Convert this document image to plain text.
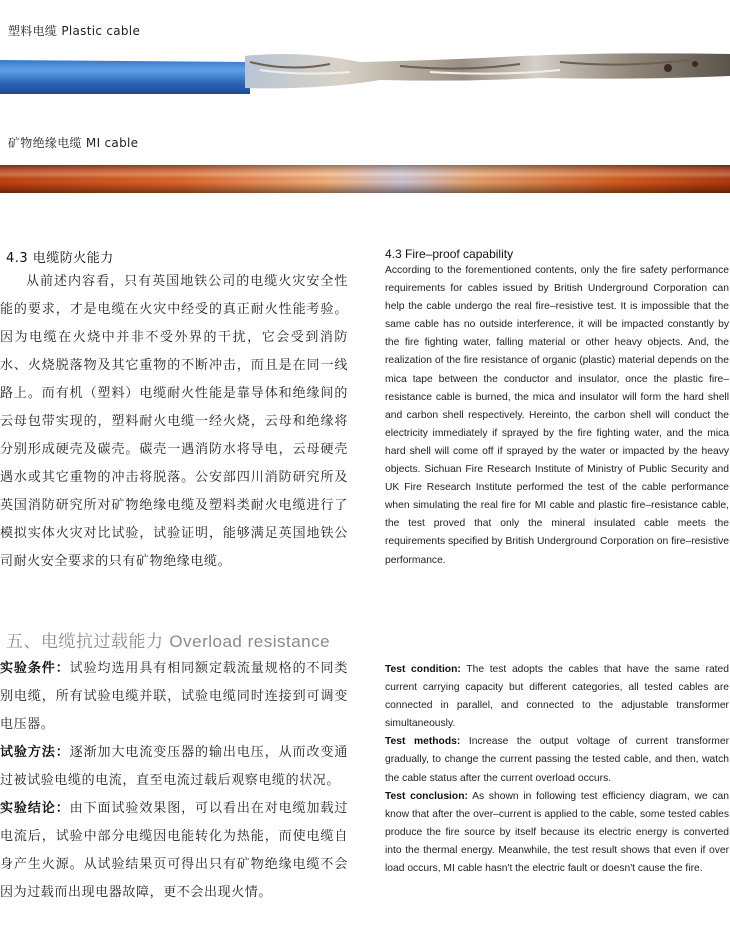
塑料电缆 Plastic cable
矿物绝缘电缆 MI cable
4.3 电缆防火能力

从前述内容看，只有英国地铁公司的电缆火灾安全性能的要求，才是电缆在火灾中经受的真正耐火性能考验。因为电缆在火烧中并非不受外界的干扰，它会受到消防水、火烧脱落物及其它重物的不断冲击，而且是在同一线路上。而有机（塑料）电缆耐火性能是靠导体和绝缘间的云母包带实现的，塑料耐火电缆一经火烧，云母和绝缘将分别形成硬壳及碳壳。碳壳一遇消防水将导电，云母硬壳遇水或其它重物的冲击将脱落。公安部四川消防研究所及英国消防研究所对矿物绝缘电缆及塑料类耐火电缆进行了模拟实体火灾对比试验，试验证明，能够满足英国地铁公司耐火安全要求的只有矿物绝缘电缆。

4.3 Fire–proof capability

According to the forementioned contents, only the fire safety performance requirements for cables issued by British Underground Corporation can help the cable undergo the real fire–resistive test. It is impossible that the same cable has no outside interference, it will be impacted constantly by the fire fighting water, falling material or other heavy objects. And, the realization of the fire resistance of organic (plastic) material depends on the mica tape between the conductor and insulator, once the plastic fire–resistance cable is burned, the mica and insulator will form the hard shell and carbon shell respectively. Hereinto, the carbon shell will conduct the electricity immediately if sprayed by the fire fighting water, and the mica hard shell will come off if sprayed by the water or impacted by the heavy objects. Sichuan Fire Research Institute of Ministry of Public Security and UK Fire Research Institute performed the test of the cable performance when simulating the real fire for MI cable and plastic fire–resistance cable, the test proved that only the mineral insulated cable meets the requirements specified by British Underground Corporation on fire–resistive performance.

五、电缆抗过载能力 Overload resistance

实验条件：试验均选用具有相同额定载流量规格的不同类别电缆，所有试验电缆并联，试验电缆同时连接到可调变电压器。

试验方法：逐渐加大电流变压器的输出电压，从而改变通过被试验电缆的电流，直至电流过载后观察电缆的状况。

实验结论：由下面试验效果图，可以看出在对电缆加载过电流后，试验中部分电缆因电能转化为热能，而使电缆自身产生火源。从试验结果页可得出只有矿物绝缘电缆不会因为过载而出现电器故障，更不会出现火情。

Test condition: The test adopts the cables that have the same rated current carrying capacity but different categories, all tested cables are connected in parallel, and connected to the adjustable transformer simultaneously.

Test methods: Increase the output voltage of current transformer gradually, to change the current passing the tested cable, and then, watch the cable status after the current overload occurs.

Test conclusion: As shown in following test efficiency diagram, we can know that after the over–current is applied to the cable, some tested cables produce the fire source by itself because its electric energy is converted into the thermal energy. Meanwhile, the test result shows that even if over load occurs, MI cable hasn't the electric fault or doesn't cause the fire.
